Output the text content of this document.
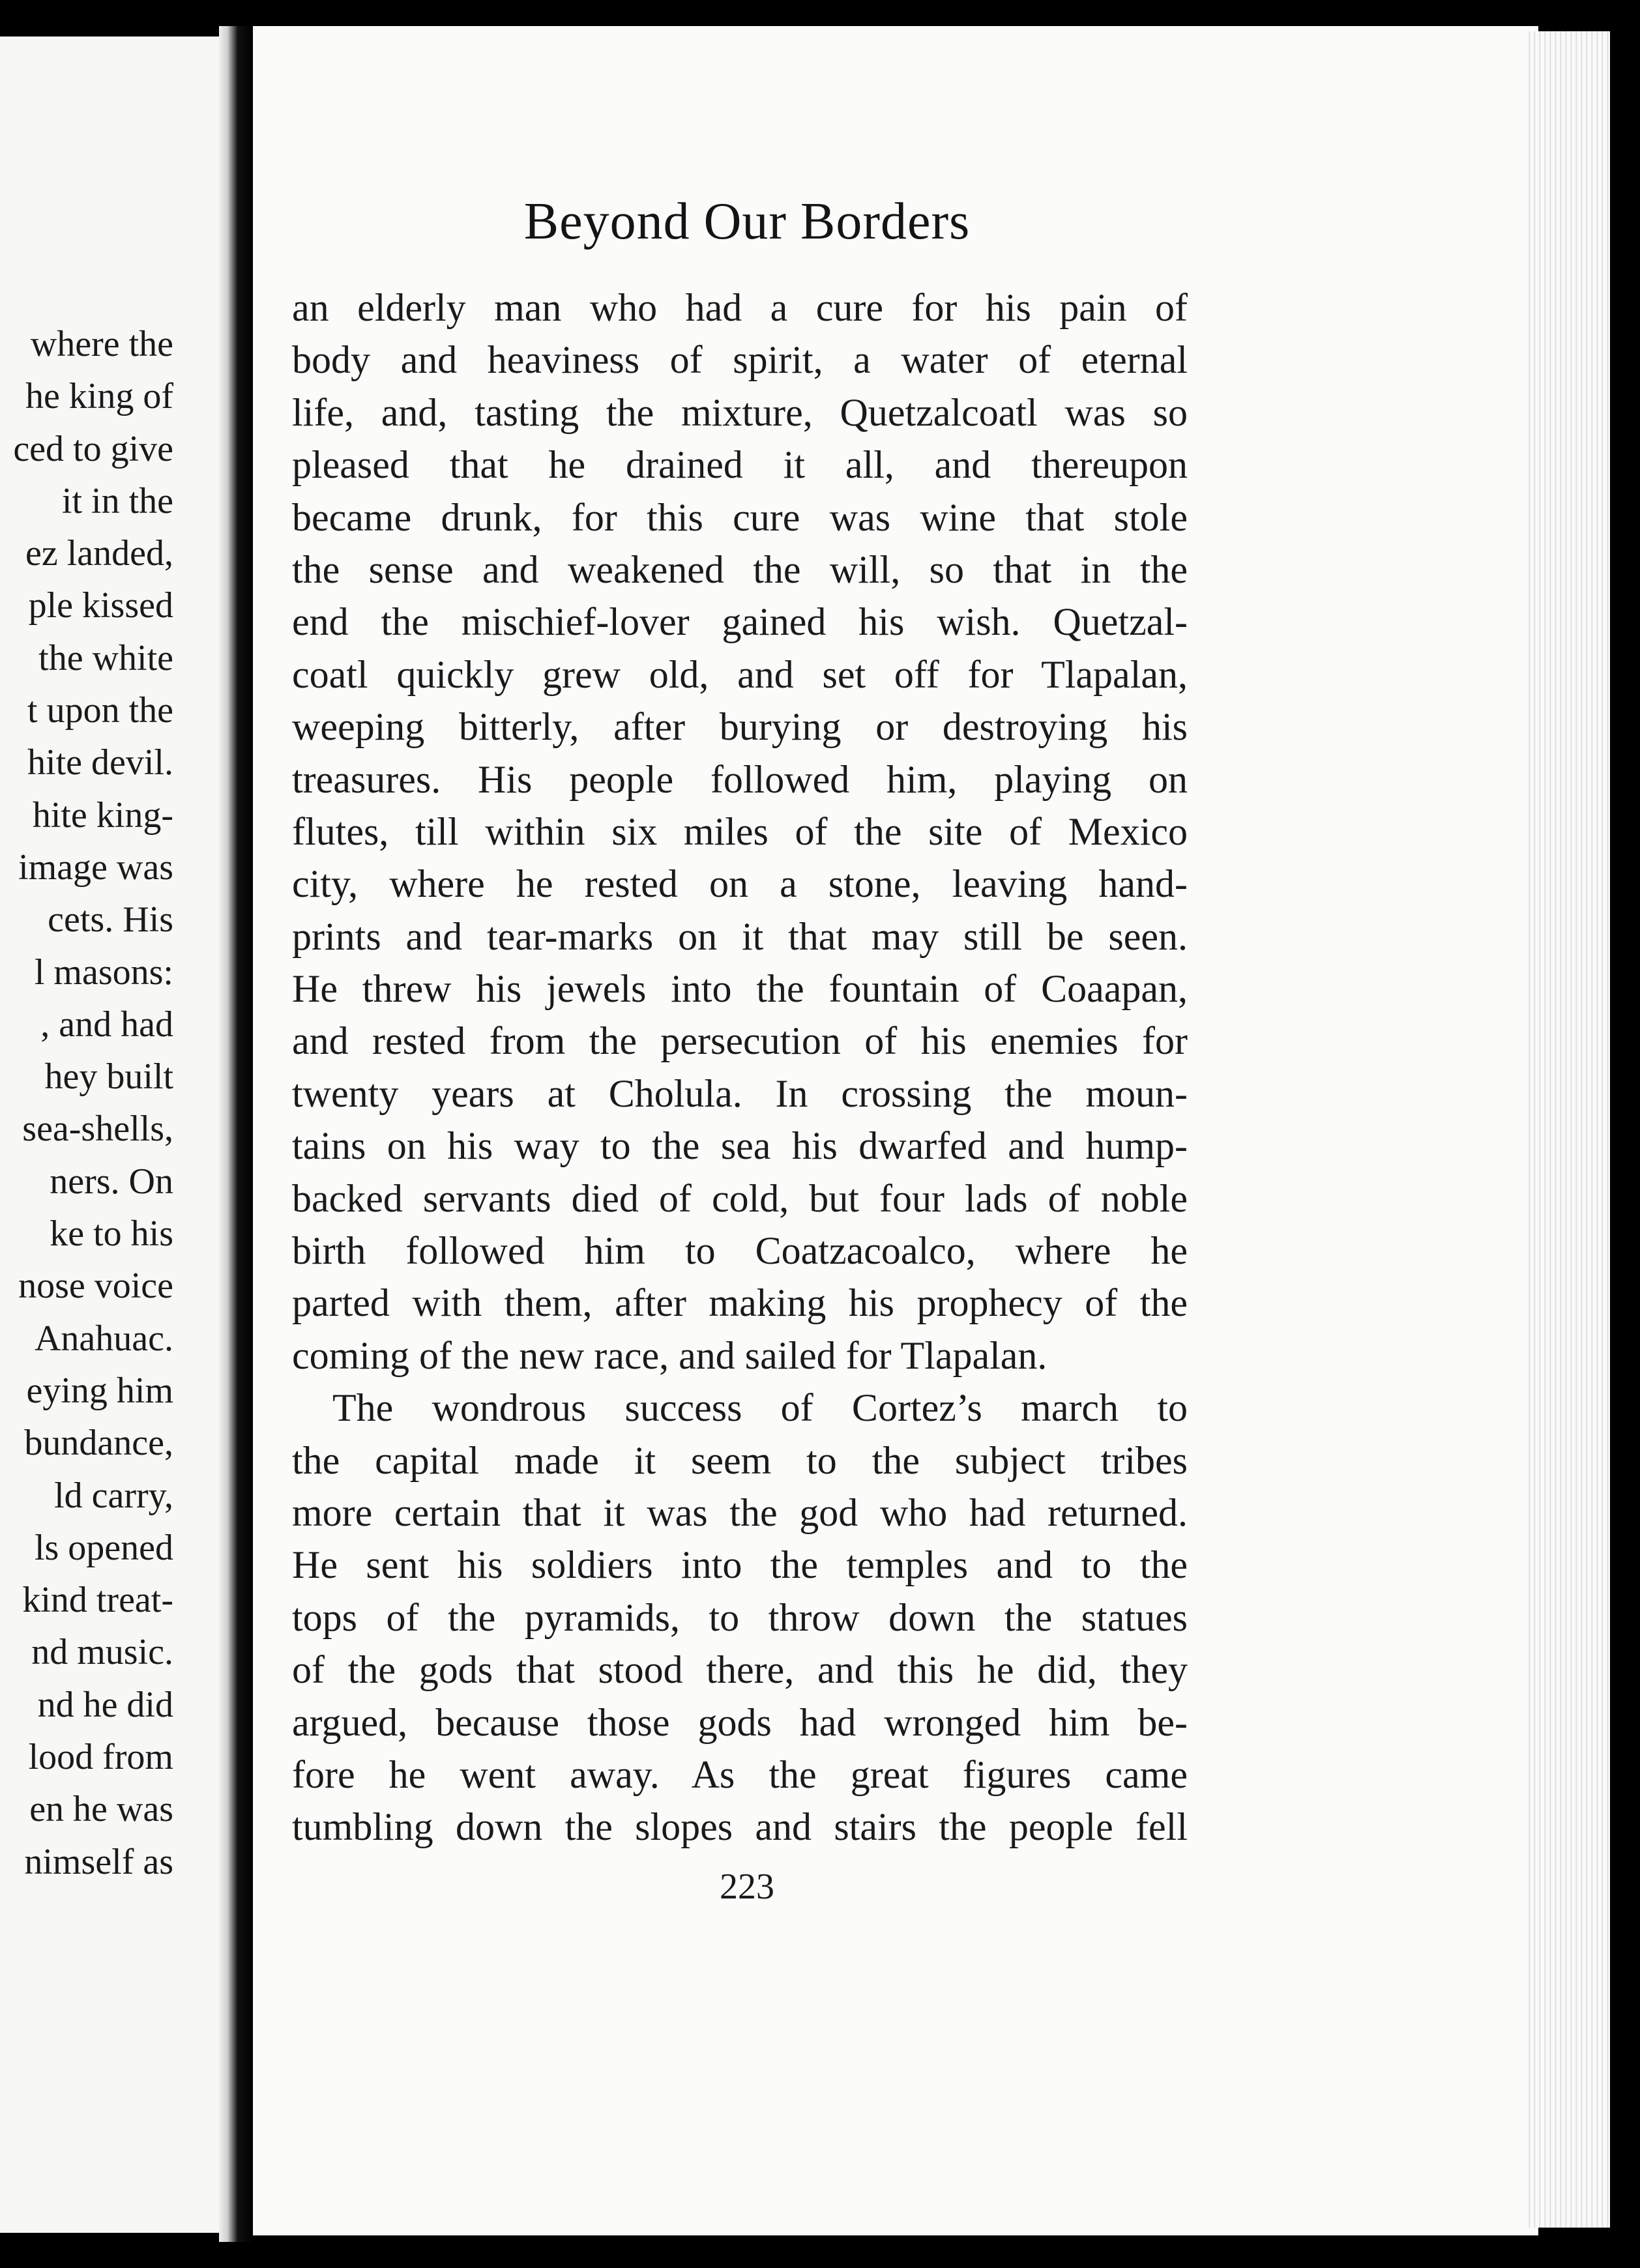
where the
he king of
ced to give
it in the
ez landed,
ple kissed
the white
t upon the
hite devil.
hite king-
image was
cets. His
l masons:
, and had
hey built
sea-shells,
ners. On
ke to his
nose voice
Anahuac.
eying him
bundance,
ld carry,
ls opened
kind treat-
nd music.
nd he did
lood from
en he was
nimself as
Beyond Our Borders
an elderly man who had a cure for his pain of
body and heaviness of spirit, a water of eternal
life, and, tasting the mixture, Quetzalcoatl was so
pleased that he drained it all, and thereupon
became drunk, for this cure was wine that stole
the sense and weakened the will, so that in the
end the mischief-lover gained his wish. Quetzal-
coatl quickly grew old, and set off for Tlapalan,
weeping bitterly, after burying or destroying his
treasures. His people followed him, playing on
flutes, till within six miles of the site of Mexico
city, where he rested on a stone, leaving hand-
prints and tear-marks on it that may still be seen.
He threw his jewels into the fountain of Coaapan,
and rested from the persecution of his enemies for
twenty years at Cholula. In crossing the moun-
tains on his way to the sea his dwarfed and hump-
backed servants died of cold, but four lads of noble
birth followed him to Coatzacoalco, where he
parted with them, after making his prophecy of the
coming of the new race, and sailed for Tlapalan.
The wondrous success of Cortez’s march to
the capital made it seem to the subject tribes
more certain that it was the god who had returned.
He sent his soldiers into the temples and to the
tops of the pyramids, to throw down the statues
of the gods that stood there, and this he did, they
argued, because those gods had wronged him be-
fore he went away. As the great figures came
tumbling down the slopes and stairs the people fell
223
